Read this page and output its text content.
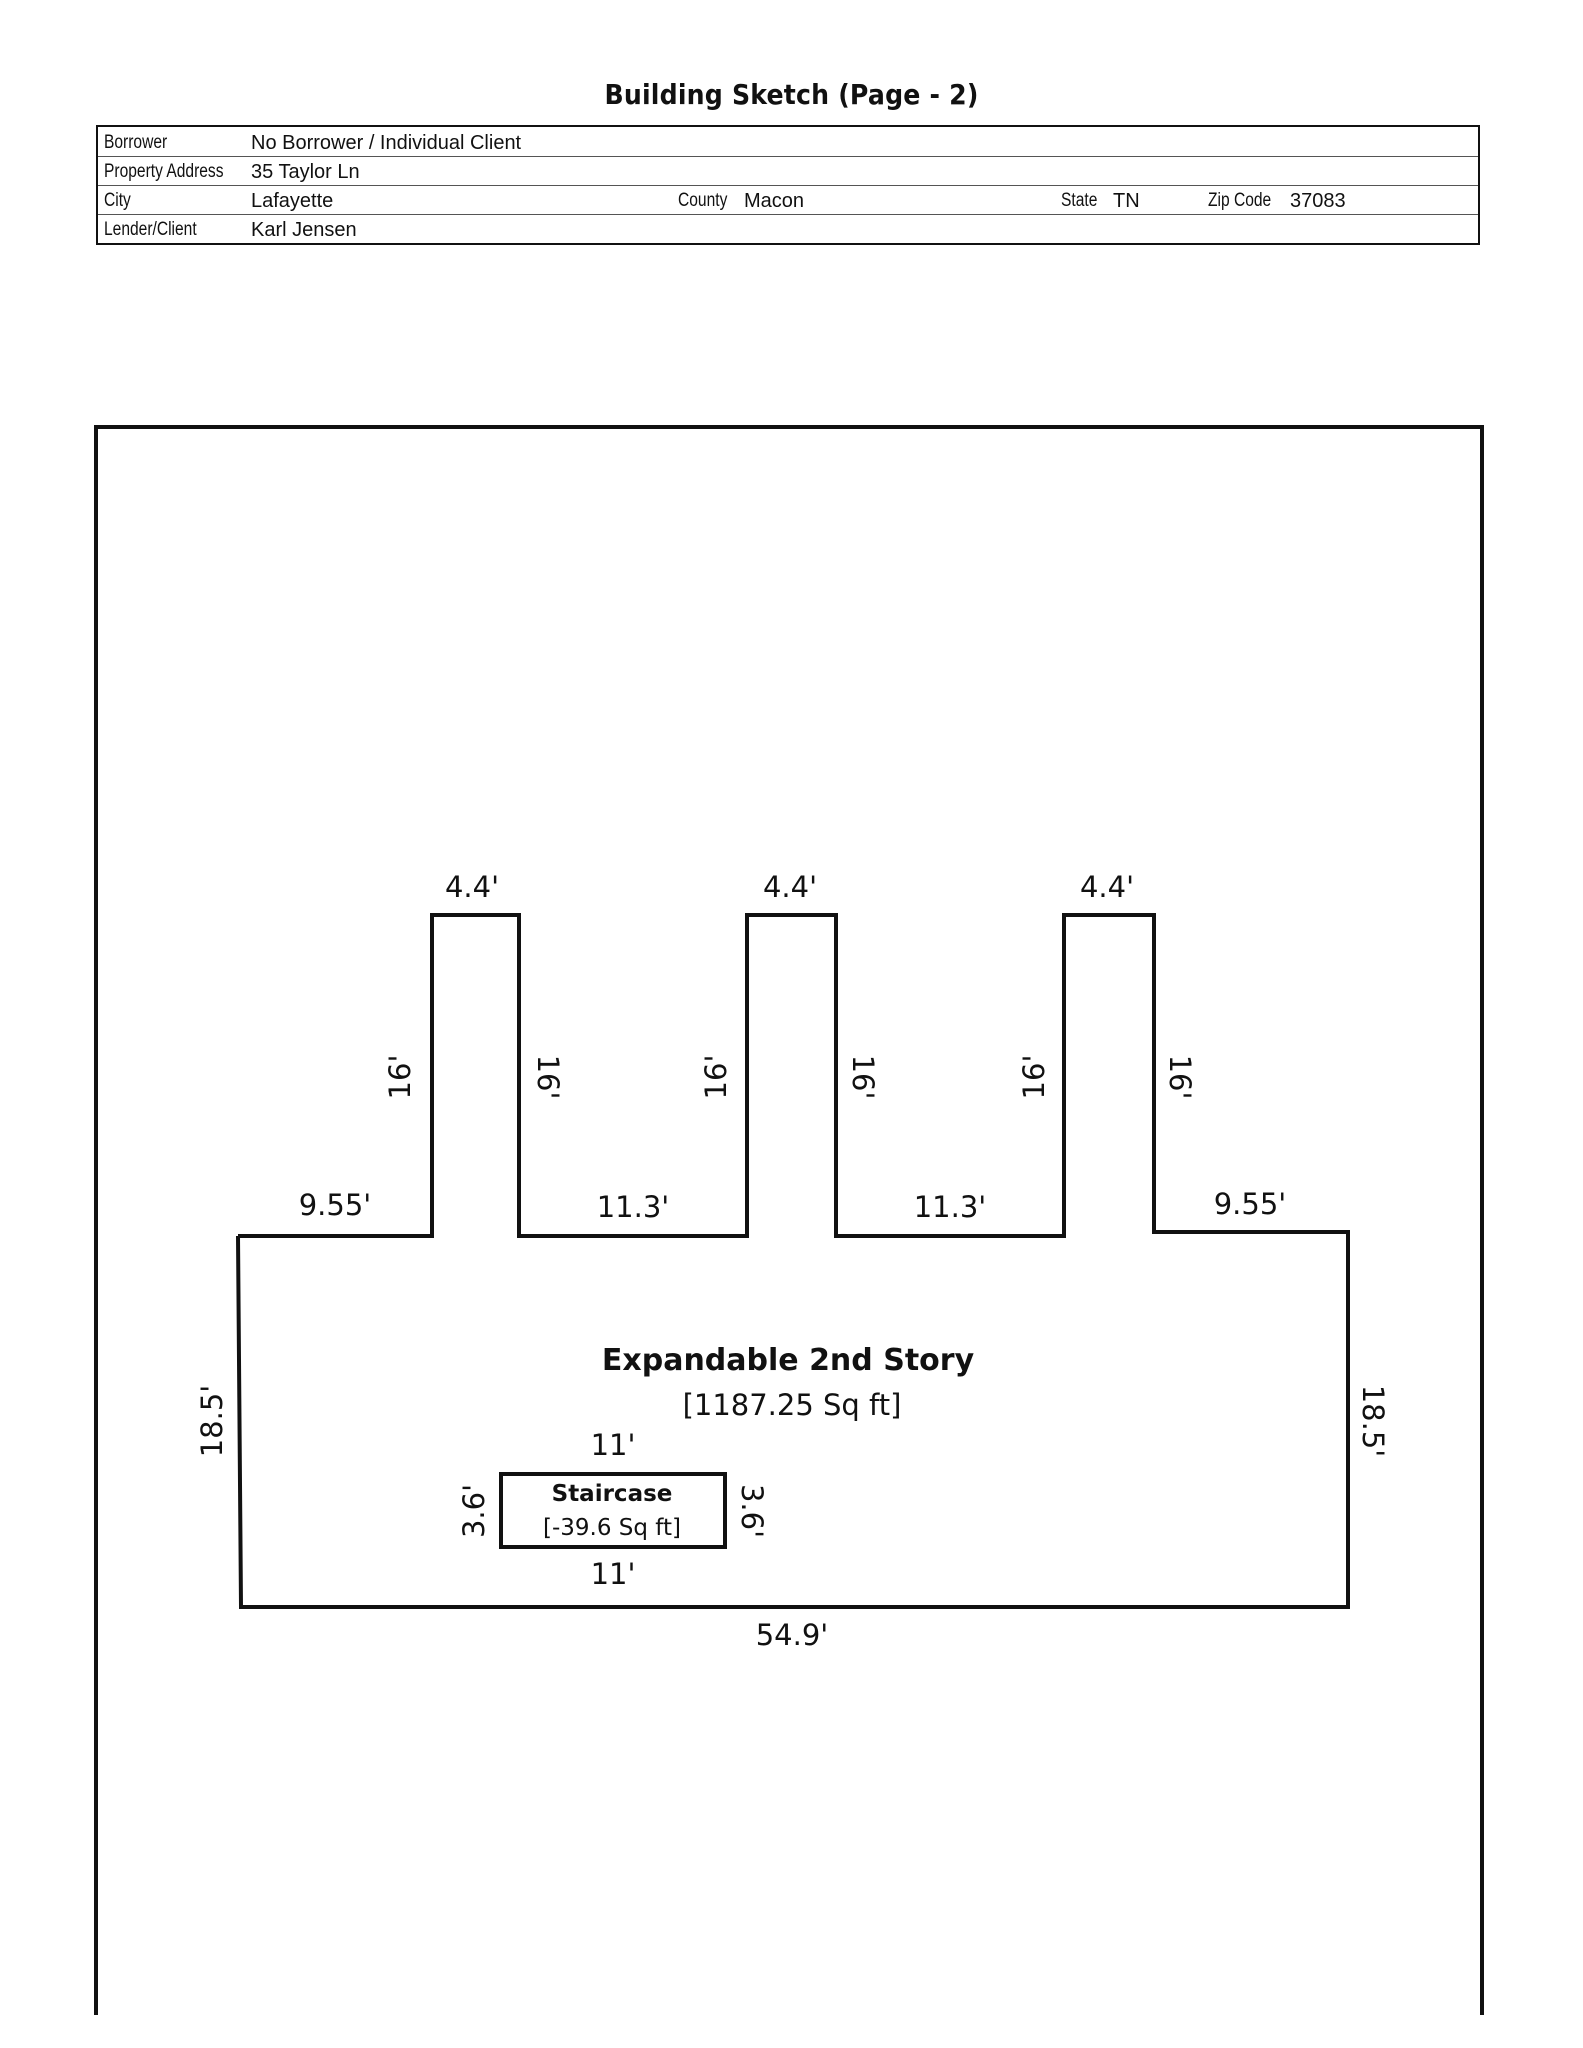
Building Sketch (Page - 2)
Borrower	No Borrower / Individual Client
Property Address 35 Taylor Ln
City	Lafayette	County Macon	State TN	Zip Code 37083
Lender/Client	Karl Jensen
4.4'	4.4'	4.4'
16'	16'	16'	16'	16'	16'
9.55'	11.3'	11.3'	9.55'
18.5'	18.5'
54.9'
Expandable 2nd Story
[1187.25 Sq ft]
11'
Staircase
[-39.6 Sq ft]
11'
3.6'	3.6'
